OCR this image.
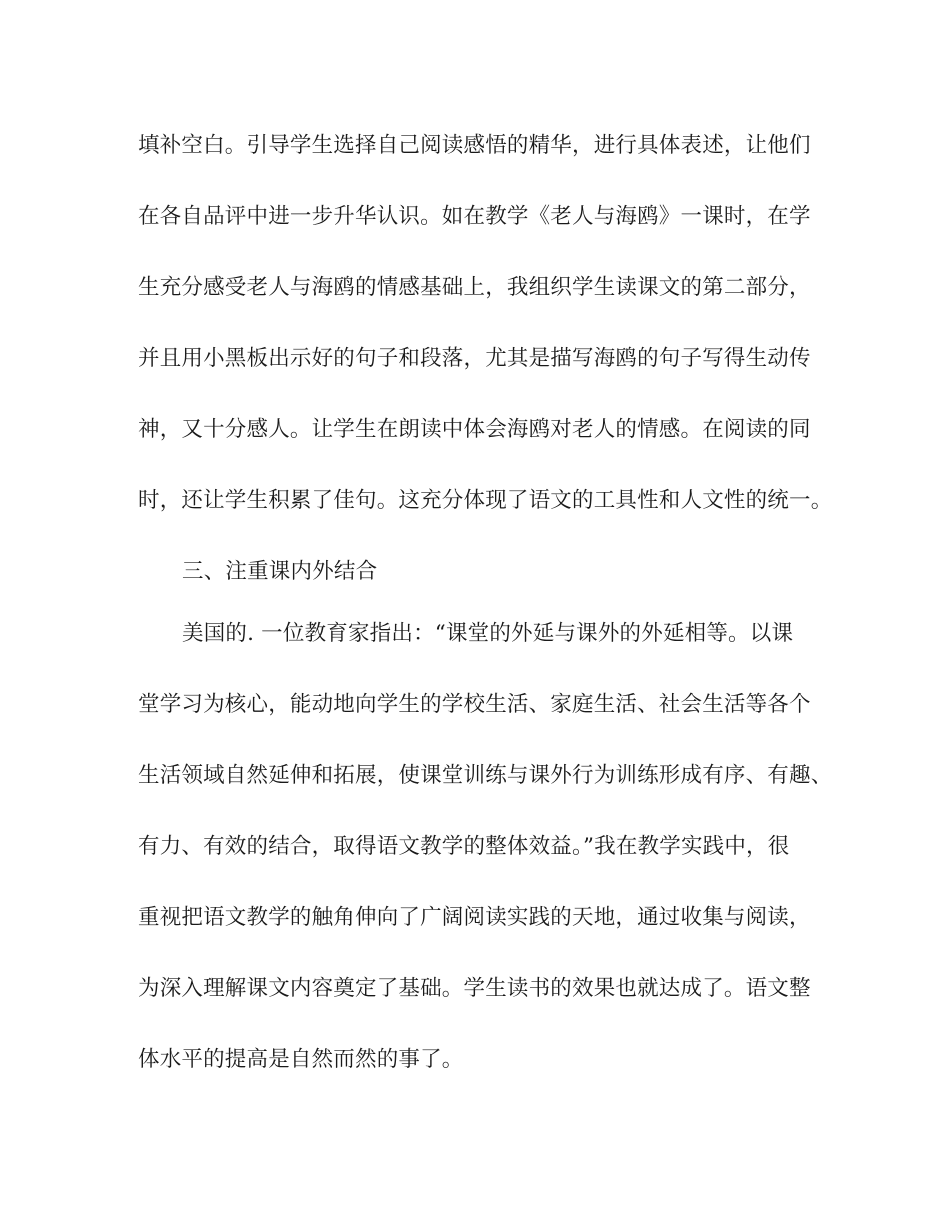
填补空白。引导学生选择自己阅读感悟的精华，进行具体表述，让他们
在各自品评中进一步升华认识。如在教学《老人与海鸥》一课时，在学
生充分感受老人与海鸥的情感基础上，我组织学生读课文的第二部分，
并且用小黑板出示好的句子和段落，尤其是描写海鸥的句子写得生动传
神，又十分感人。让学生在朗读中体会海鸥对老人的情感。在阅读的同
时，还让学生积累了佳句。这充分体现了语文的工具性和人文性的统一。
三、注重课内外结合
美国的. 一位教育家指出：“课堂的外延与课外的外延相等。以课
堂学习为核心，能动地向学生的学校生活、家庭生活、社会生活等各个
生活领域自然延伸和拓展，使课堂训练与课外行为训练形成有序、有趣、
有力、有效的结合，取得语文教学的整体效益。”我在教学实践中，很
重视把语文教学的触角伸向了广阔阅读实践的天地，通过收集与阅读，
为深入理解课文内容奠定了基础。学生读书的效果也就达成了。语文整
体水平的提高是自然而然的事了。
